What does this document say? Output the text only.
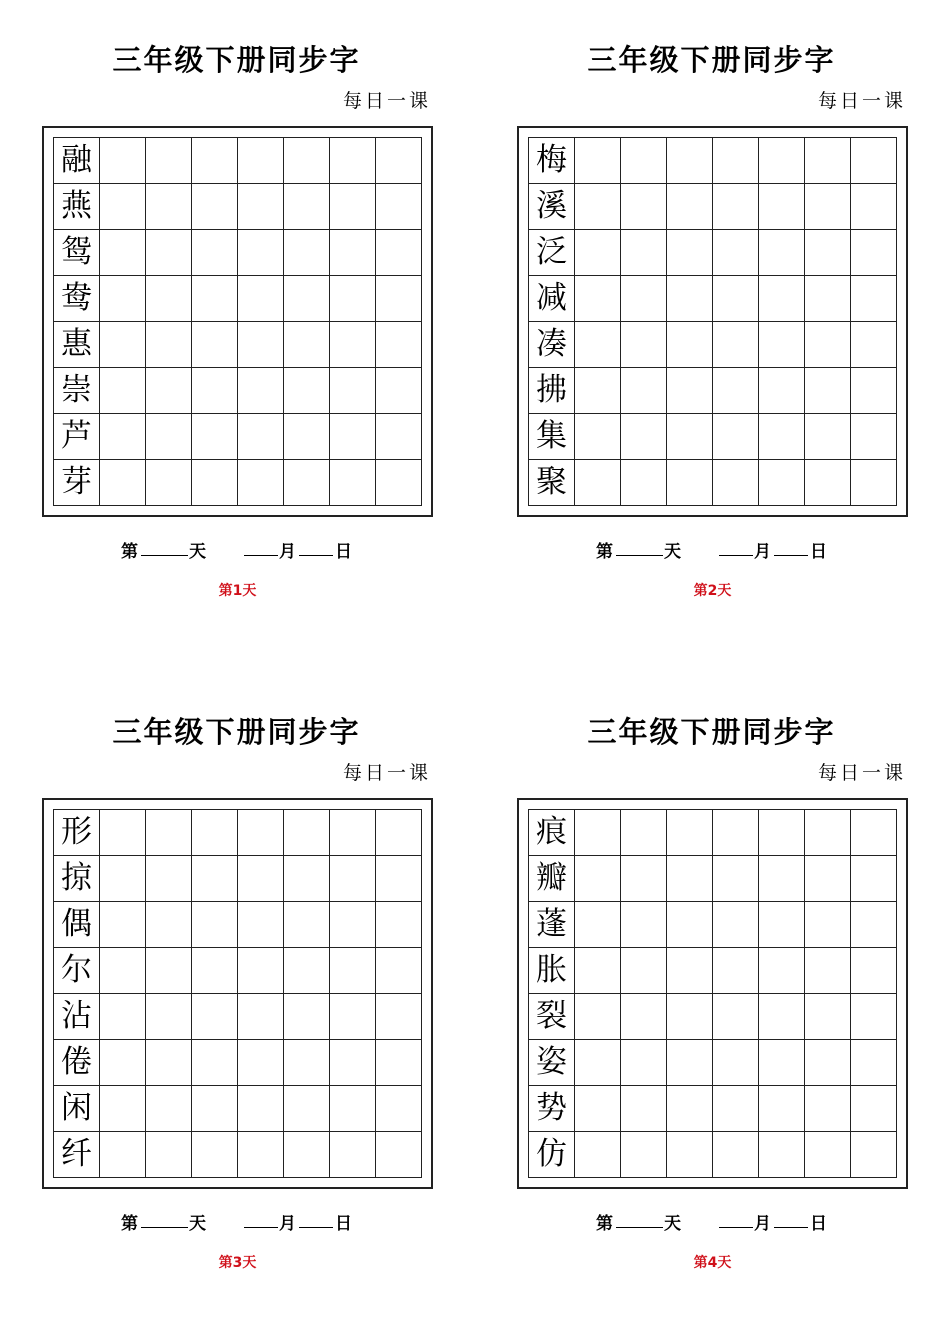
三年级下册同步字
每日一课
融
燕
鸳
鸯
惠
崇
芦
芽
第	天	月 日
第1天
三年级下册同步字
每日一课
梅
溪
泛
减
凑
拂
集
聚
第	天	月 日
第2天
三年级下册同步字
每日一课
形
掠
偶
尔
沾
倦
闲
纤
第	天	月 日
第3天
三年级下册同步字
每日一课
痕
瓣
蓬
胀
裂
姿
势
仿
第	天	月 日
第4天
